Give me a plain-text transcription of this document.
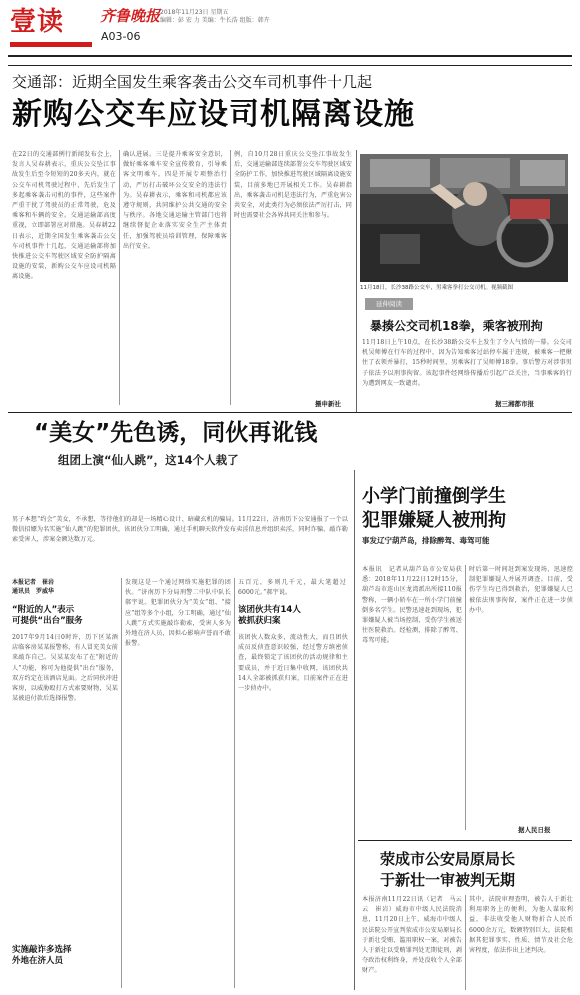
壹读 齐鲁晚报
A03-06
2018年11月23日 星期五
编辑：彭 宏 力 美编：牛长浩 组版：韩卉
交通部：近期全国发生乘客袭击公交车司机事件十几起
新购公交车应设司机隔离设施
在22日的交通部例行新闻发布会上，发言人吴春耕表示，重庆公交坠江事故发生后至今短短的20多天内，就在公交车司机驾驶过程中，先后发生了多起乘客袭击司机的事件，这些案件严重干扰了驾驶员的正常驾驶，危及乘客和车辆的安全。交通运输部高度重视，立即部署应对措施。吴春耕22日表示，近期全国发生乘客袭击公交车司机事件十几起，交通运输部将加快推进公交车驾驶区域安全防护隔离设施的安装，新购公交车应设司机隔离设施。
确认进展。三是提升乘客安全意识，做好乘客乘车安全宣传教育，引导乘客文明乘车。四是开展专项整治行动，严厉打击破坏公交安全的违法行为。吴春耕表示，乘客和司机都应该遵守规则，共同维护公共交通的安全与秩序。各地交通运输主管部门也将继续督促企业落实安全生产主体责任，加强驾驶员培训管理，保障乘客出行安全。
例，自10月28日重庆公交坠江事故发生后，交通运输部连续部署公交车驾驶区域安全防护工作，加快推进驾驶区域隔离设施安装，目前多地已开展相关工作。吴春耕指出，乘客袭击司机是违法行为，严重危害公共安全，对此类行为必须依法严厉打击，同时也需要社会各界共同关注和参与。
摄申新社
11月18日，长沙38路公交车，男乘客拳打公交司机。视频截图
延伸阅读
暴揍公交司机18拳，乘客被刑拘
11月18日上午10点，在长沙38路公交车上发生了令人气愤的一幕。公交司机吴师傅在行车的过程中，因为告知乘客过站停车属于违规，被乘客一把揪住了衣领并暴打，15秒时间里，男乘客打了吴师傅18拳。事后警方对涉事男子依法予以刑事拘留。该起事件经网络传播后引起广泛关注，当事乘客的行为遭到网友一致谴责。
据三湘都市报
“美女”先色诱，同伙再讹钱
组团上演“仙人跳”，这14个人栽了
男子本想“约会”美女，不承想，等待他们的却是一场精心设计、暗藏玄机的骗局。11月22日，济南历下公安通报了一个以微信招嫖为名实施“仙人跳”的犯罪团伙，该团伙分工明确，通过手机聊天软件发布卖淫信息并组织卖淫，同时诈骗、敲诈勒索受害人，涉案金额达数万元。
本报记者　崔岩
通讯员　罗威华
“附近的人”表示
可提供“出台”服务
2017年9月14日0时许，历下区某酒店临客房某某报警称，有人冒充美女前来敲诈自己。吴某某发布了在“附近的人”功能，称可为他提供“出台”服务，双方约定在该酒店见面。之后同伙冲进客房，以威胁殴打方式索要财物，吴某某被迫付款后选择报警。
实施敲诈多选择
外地在济人员
发现这是一个通过网络实施犯罪的团伙。“济南历下分局刑警二中队中队长郝宇说。犯罪团伙分为“美女”组、“接应”组等多个小组，分工明确，通过“仙人跳”方式实施敲诈勒索，受害人多为外地在济人员，因担心影响声誉而不敢报警。
五百元，多则几千元，最大笔超过6000元。”郝宇说。
该团伙共有14人
被抓获归案
该团伙人数众多，流动性大，而且团伙成员反侦查意识较强，经过警方缜密侦查，最终锁定了该团伙的活动规律和主要成员，并于近日集中收网，该团伙共14人全部被抓获归案，目前案件正在进一步侦办中。
小学门前撞倒学生
犯罪嫌疑人被刑拘
事发辽宁葫芦岛，排除醉驾、毒驾可能
本报讯　记者从葫芦岛市公安局获悉：2018年11月22日12时15分，葫芦岛市连山区龙湾派出所接110报警称，一辆小轿车在一所小学门前撞倒多名学生。民警迅速赶到现场，犯罪嫌疑人被当场控制，受伤学生被送往医院救治。经检测，排除了醉驾、毒驾可能。
时后第一时间赶到案发现场，迅速控制犯罪嫌疑人并展开调查。目前，受伤学生均已得到救治，犯罪嫌疑人已被依法刑事拘留，案件正在进一步侦办中。
据人民日报
荥成市公安局原局长
于新壮一审被判无期
本报济南11月22日讯（记者　马云云　崔岩）威海市中级人民法院消息，11月20日上午，威海市中级人民法院公开宣判荥成市公安局原局长于新壮受贿、滥用职权一案，对被告人于新壮以受贿罪判处无期徒刑，剥夺政治权利终身，并处没收个人全部财产。
其中，法院审理查明，被告人于新壮利用职务上的便利，为他人谋取利益，非法收受他人财物折合人民币6000余万元，数额特别巨大。法院根据其犯罪事实、性质、情节及社会危害程度，依法作出上述判决。
